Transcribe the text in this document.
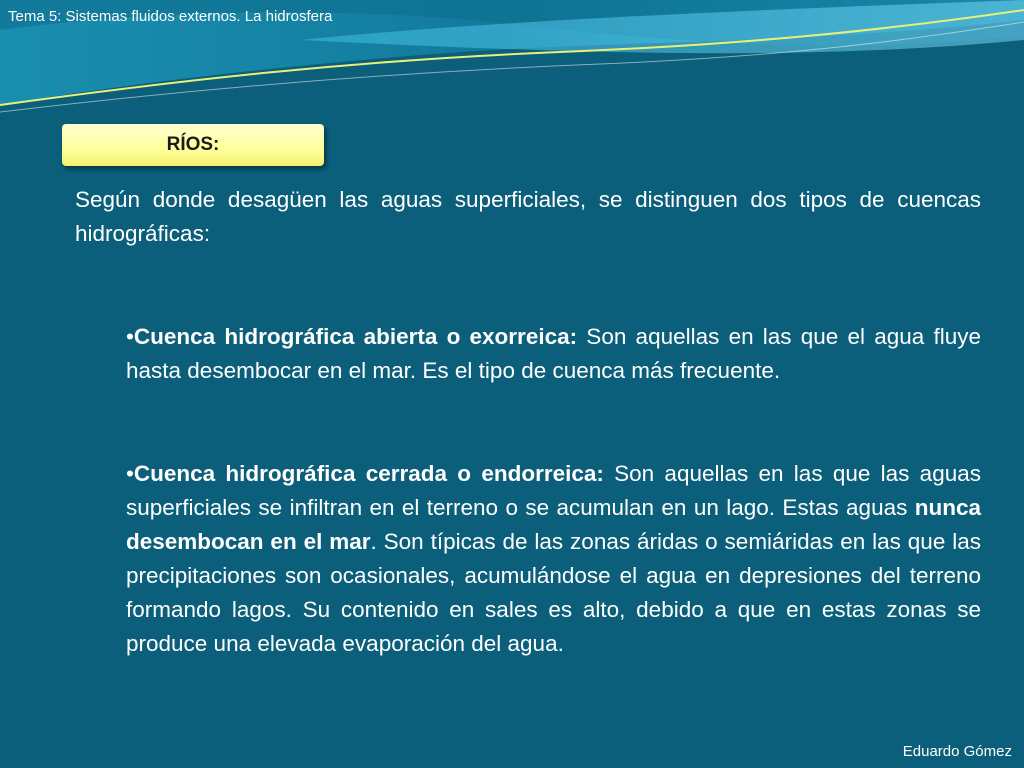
Tema 5: Sistemas fluidos externos. La hidrosfera
RÍOS:
Según donde desagüen las aguas superficiales, se distinguen dos tipos de cuencas hidrográficas:
•Cuenca hidrográfica abierta o exorreica: Son aquellas en las que el agua fluye hasta desembocar en el mar. Es el tipo de cuenca más frecuente.
•Cuenca hidrográfica cerrada o endorreica: Son aquellas en las que las aguas superficiales se infiltran en el terreno o se acumulan en un lago. Estas aguas nunca desembocan en el mar. Son típicas de las zonas áridas o semiáridas en las que las precipitaciones son ocasionales, acumulándose el agua en depresiones del terreno formando lagos. Su contenido en sales es alto, debido a que en estas zonas se produce una elevada evaporación del agua.
Eduardo Gómez
